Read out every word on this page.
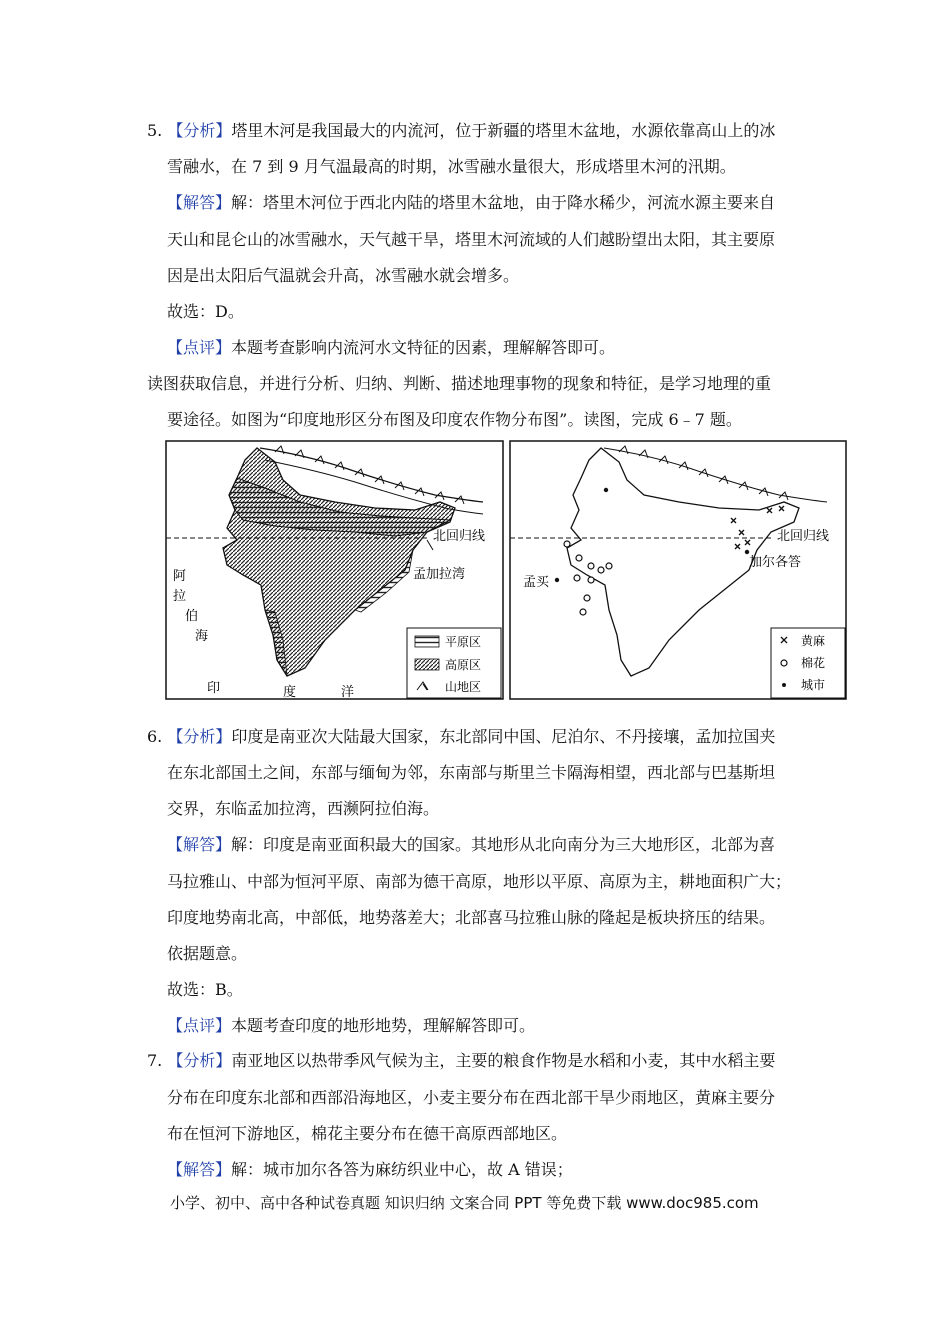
5. 【分析】塔里木河是我国最大的内流河，位于新疆的塔里木盆地，水源依靠高山上的冰
雪融水，在 7 到 9 月气温最高的时期，冰雪融水量很大，形成塔里木河的汛期。
【解答】解：塔里木河位于西北内陆的塔里木盆地，由于降水稀少，河流水源主要来自
天山和昆仑山的冰雪融水，天气越干旱，塔里木河流域的人们越盼望出太阳，其主要原
因是出太阳后气温就会升高，冰雪融水就会增多。
故选：D。
【点评】本题考查影响内流河水文特征的因素，理解解答即可。
读图获取信息，并进行分析、归纳、判断、描述地理事物的现象和特征，是学习地理的重
要途径。如图为“印度地形区分布图及印度农作物分布图”。读图，完成 6﹣7 题。
北回归线
孟加拉湾
阿
拉
伯
海
印	度	洋
平原区
高原区
山地区
北回归线
加尔各答
孟买
黄麻
棉花
城市
6. 【分析】印度是南亚次大陆最大国家，东北部同中国、尼泊尔、不丹接壤，孟加拉国夹
在东北部国土之间，东部与缅甸为邻，东南部与斯里兰卡隔海相望，西北部与巴基斯坦
交界，东临孟加拉湾，西濒阿拉伯海。
【解答】解：印度是南亚面积最大的国家。其地形从北向南分为三大地形区，北部为喜
马拉雅山、中部为恒河平原、南部为德干高原，地形以平原、高原为主，耕地面积广大；
印度地势南北高，中部低，地势落差大；北部喜马拉雅山脉的隆起是板块挤压的结果。
依据题意。
故选：B。
【点评】本题考查印度的地形地势，理解解答即可。
7. 【分析】南亚地区以热带季风气候为主，主要的粮食作物是水稻和小麦，其中水稻主要
分布在印度东北部和西部沿海地区，小麦主要分布在西北部干旱少雨地区，黄麻主要分
布在恒河下游地区，棉花主要分布在德干高原西部地区。
【解答】解：城市加尔各答为麻纺织业中心，故 A 错误；
小学、初中、高中各种试卷真题 知识归纳 文案合同 PPT 等免费下载 www.doc985.com
